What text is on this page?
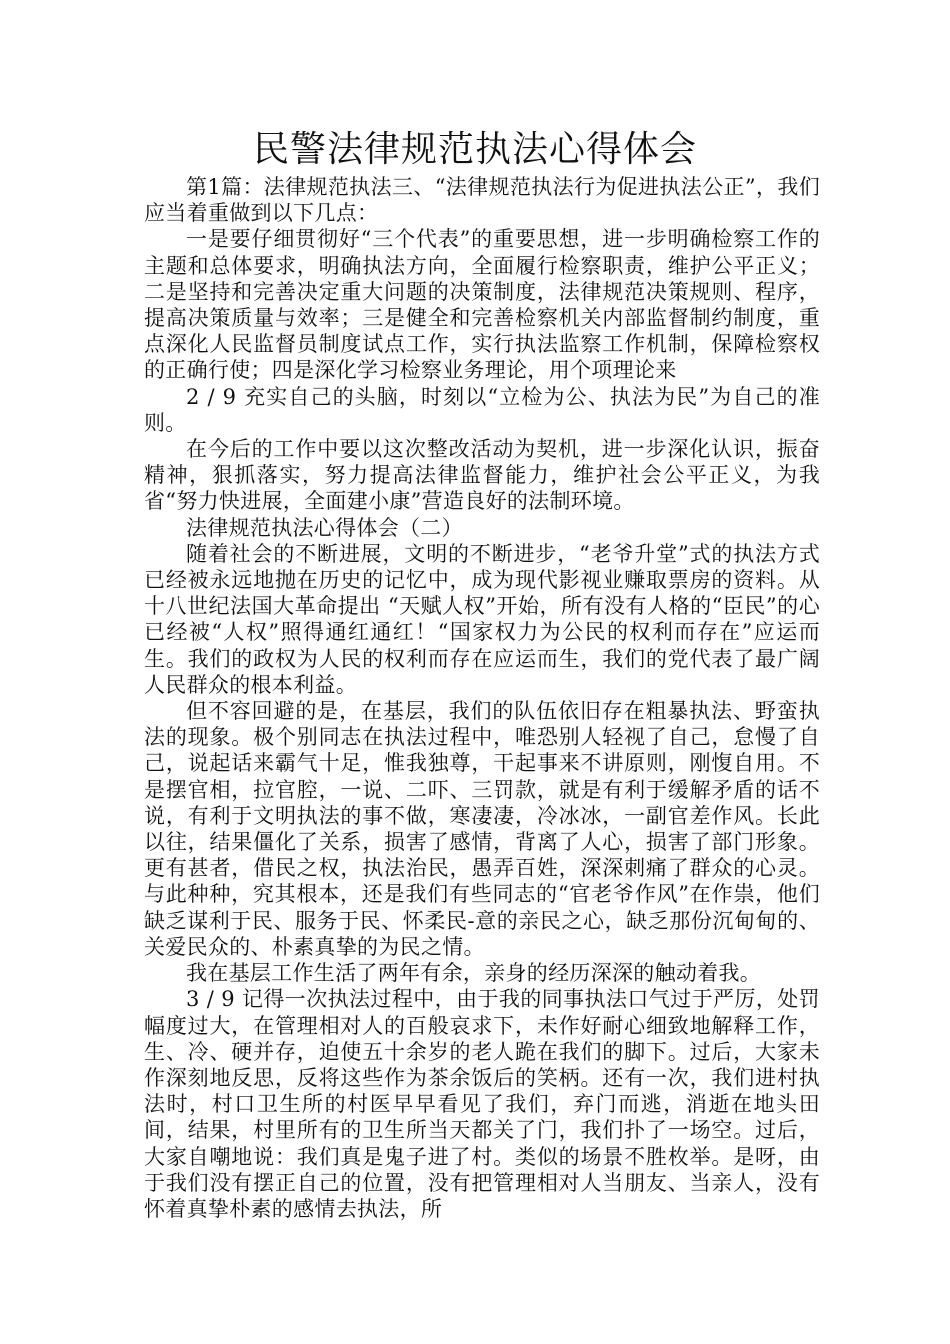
民警法律规范执法心得体会

第1篇：法律规范执法三、“法律规范执法行为促进执法公正”，我们应当着重做到以下几点：

一是要仔细贯彻好“三个代表”的重要思想，进一步明确检察工作的主题和总体要求，明确执法方向，全面履行检察职责，维护公平正义；二是坚持和完善决定重大问题的决策制度，法律规范决策规则、程序，提高决策质量与效率；三是健全和完善检察机关内部监督制约制度，重点深化人民监督员制度试点工作，实行执法监察工作机制，保障检察权的正确行使；四是深化学习检察业务理论，用个项理论来

2 / 9 充实自己的头脑，时刻以“立检为公、执法为民”为自己的准则。

在今后的工作中要以这次整改活动为契机，进一步深化认识，振奋精神，狠抓落实，努力提高法律监督能力，维护社会公平正义，为我省“努力快进展，全面建小康”营造良好的法制环境。

法律规范执法心得体会（二）

随着社会的不断进展，文明的不断进步，“老爷升堂”式的执法方式已经被永远地抛在历史的记忆中，成为现代影视业赚取票房的资料。从十八世纪法国大革命提出 “天赋人权”开始，所有没有人格的“臣民”的心已经被“人权”照得通红通红！“国家权力为公民的权利而存在”应运而生。我们的政权为人民的权利而存在应运而生，我们的党代表了最广阔人民群众的根本利益。

但不容回避的是，在基层，我们的队伍依旧存在粗暴执法、野蛮执法的现象。极个别同志在执法过程中，唯恐别人轻视了自己，怠慢了自己，说起话来霸气十足，惟我独尊，干起事来不讲原则，刚愎自用。不是摆官相，拉官腔，一说、二吓、三罚款，就是有利于缓解矛盾的话不说，有利于文明执法的事不做，寒凄凄，冷冰冰，一副官差作风。长此以往，结果僵化了关系，损害了感情，背离了人心，损害了部门形象。更有甚者，借民之权，执法治民，愚弄百姓，深深刺痛了群众的心灵。与此种种，究其根本，还是我们有些同志的“官老爷作风”在作祟，他们缺乏谋利于民、服务于民、怀柔民-意的亲民之心，缺乏那份沉甸甸的、关爱民众的、朴素真挚的为民之情。

我在基层工作生活了两年有余，亲身的经历深深的触动着我。

3 / 9 记得一次执法过程中，由于我的同事执法口气过于严厉，处罚幅度过大，在管理相对人的百般哀求下，未作好耐心细致地解释工作，生、冷、硬并存，迫使五十余岁的老人跪在我们的脚下。过后，大家未作深刻地反思，反将这些作为茶余饭后的笑柄。还有一次，我们进村执法时，村口卫生所的村医早早看见了我们，弃门而逃，消逝在地头田间，结果，村里所有的卫生所当天都关了门，我们扑了一场空。过后，大家自嘲地说：我们真是鬼子进了村。类似的场景不胜枚举。是呀，由于我们没有摆正自己的位置，没有把管理相对人当朋友、当亲人，没有怀着真挚朴素的感情去执法，所
